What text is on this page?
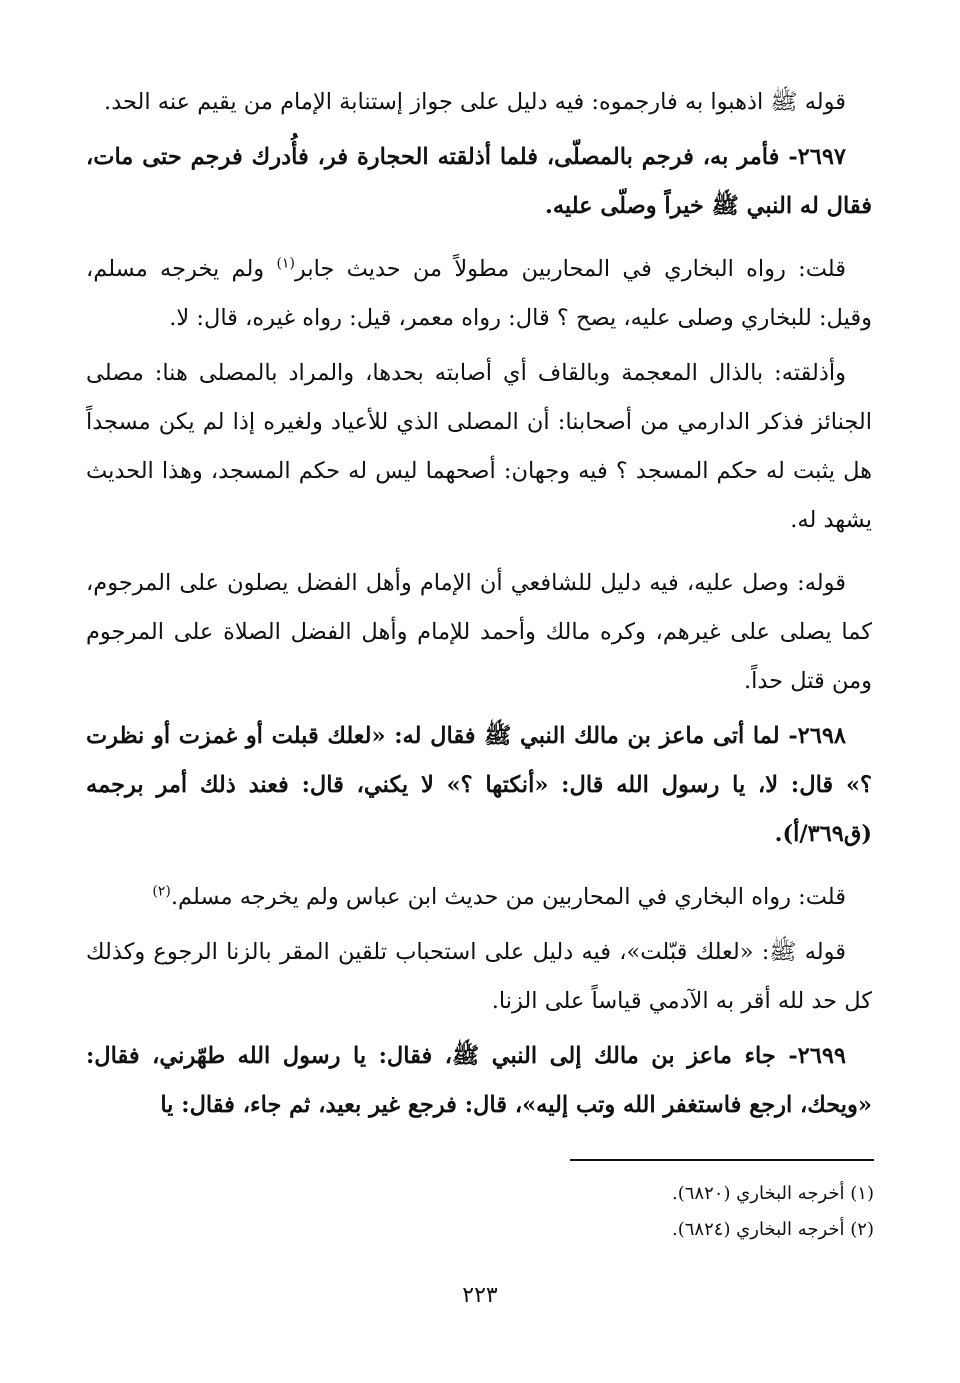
قوله ﷺ اذهبوا به فارجموه: فيه دليل على جواز إستنابة الإمام من يقيم عنه الحد.

٢٦٩٧- فأمر به، فرجم بالمصلّى، فلما أذلقته الحجارة فر، فأُدرك فرجم حتى مات، فقال له النبي ﷺ خيراً وصلّى عليه.

قلت: رواه البخاري في المحاربين مطولاً من حديث جابر$^{(١)}$ ولم يخرجه مسلم، وقيل: للبخاري وصلى عليه، يصح ؟ قال: رواه معمر، قيل: رواه غيره، قال: لا.

وأذلقته: بالذال المعجمة وبالقاف أي أصابته بحدها، والمراد بالمصلى هنا: مصلى الجنائز فذكر الدارمي من أصحابنا: أن المصلى الذي للأعياد ولغيره إذا لم يكن مسجداً هل يثبت له حكم المسجد ؟ فيه وجهان: أصحهما ليس له حكم المسجد، وهذا الحديث يشهد له.

قوله: وصل عليه، فيه دليل للشافعي أن الإمام وأهل الفضل يصلون على المرجوم، كما يصلى على غيرهم، وكره مالك وأحمد للإمام وأهل الفضل الصلاة على المرجوم ومن قتل حداً.

٢٦٩٨- لما أتى ماعز بن مالك النبي ﷺ فقال له: «لعلك قبلت أو غمزت أو نظرت ؟» قال: لا، يا رسول الله قال: «أنكتها ؟» لا يكني، قال: فعند ذلك أمر برجمه (ق٣٦٩/أ).

قلت: رواه البخاري في المحاربين من حديث ابن عباس ولم يخرجه مسلم.$^{(٢)}$

قوله ﷺ: «لعلك قبّلت»، فيه دليل على استحباب تلقين المقر بالزنا الرجوع وكذلك كل حد لله أقر به الآدمي قياساً على الزنا.

٢٦٩٩- جاء ماعز بن مالك إلى النبي ﷺ، فقال: يا رسول الله طهّرني، فقال: «ويحك، ارجع فاستغفر الله وتب إليه»، قال: فرجع غير بعيد، ثم جاء، فقال: يا

(١) أخرجه البخاري (٦٨٢٠).

(٢) أخرجه البخاري (٦٨٢٤).

٢٢٣
